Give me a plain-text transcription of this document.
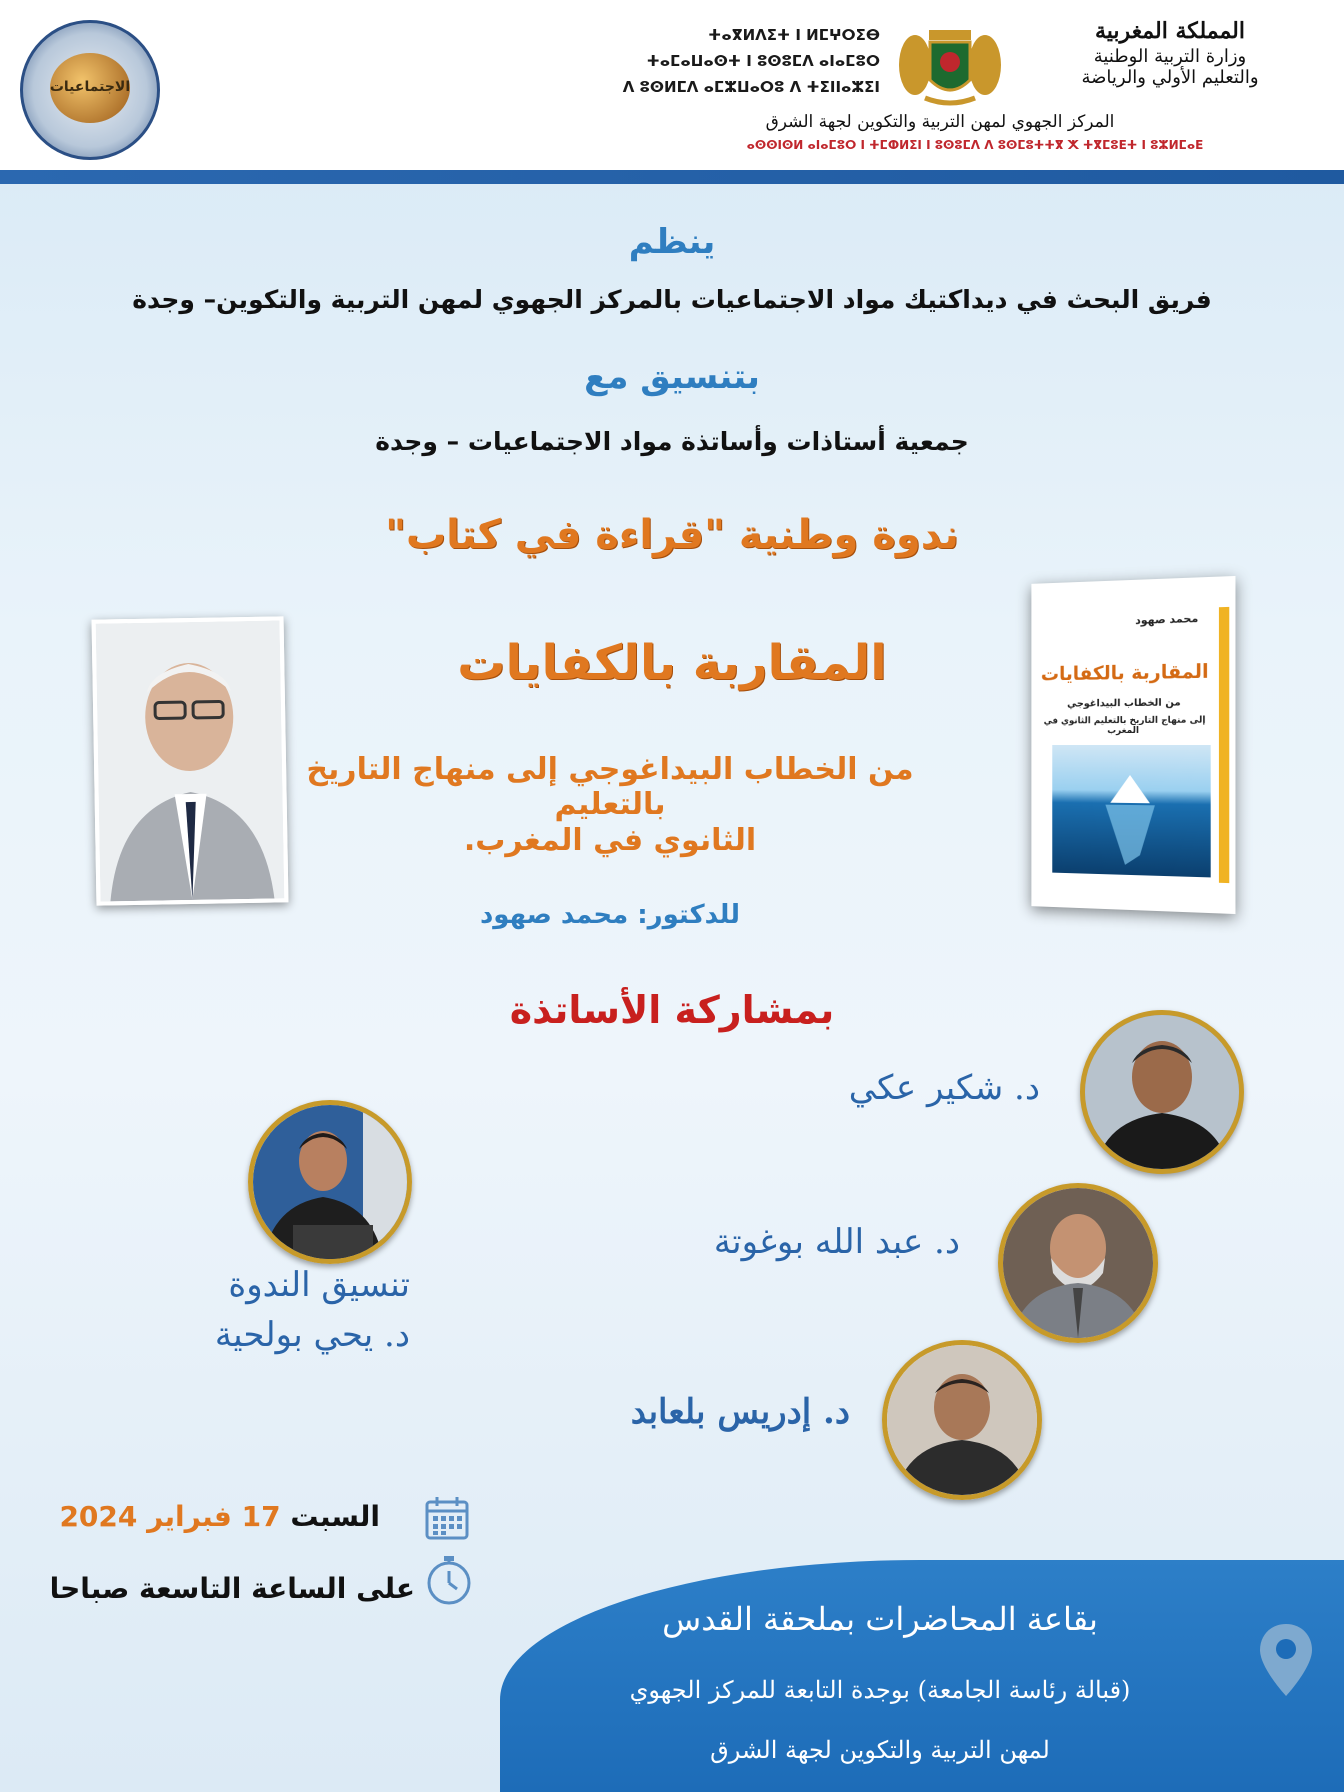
الاجتماعيات
ⵜⴰⴳⵍⴷⵉⵜ ⵏ ⵍⵎⵖⵔⵉⴱ
ⵜⴰⵎⴰⵡⴰⵙⵜ ⵏ ⵓⵙⵓⵎⴷ ⴰⵏⴰⵎⵓⵔ
ⴷ ⵓⵙⵍⵎⴷ ⴰⵎⵣⵡⴰⵔⵓ ⴷ ⵜⵉⵏⵏⴰⵣⵉⵏ
المملكة المغربية
وزارة التربية الوطنية
والتعليم الأولي والرياضة
المركز الجهوي لمهن التربية والتكوين لجهة الشرق
ⴰⵙⵙⵏⵙⵍ ⴰⵏⴰⵎⵓⵔ ⵏ ⵜⵎⵀⵍⵉⵏ ⵏ ⵓⵙⵓⵎⴷ ⴷ ⵓⵙⵎⵓⵜⵜⴳ ⵅ ⵜⴳⵎⵓⴹⵜ ⵏ ⵓⵣⵍⵎⴰⴹ
ينظم
فريق البحث في ديداكتيك مواد الاجتماعيات بالمركز الجهوي لمهن التربية والتكوين– وجدة
بتنسيق مع
جمعية أستاذات وأساتذة مواد الاجتماعيات – وجدة
ندوة وطنية "قراءة في كتاب"
المقاربة بالكفايات
من الخطاب البيداغوجي إلى منهاج التاريخ بالتعليم
الثانوي في المغرب.
للدكتور: محمد صهود
محمد صهود
المقاربة بالكفايات
من الخطاب البيداغوجي
إلى منهاج التاريخ بالتعليم الثانوي في المغرب
بمشاركة الأساتذة
د. شكير عكي
د. عبد الله بوغوتة
د. إدريس بلعابد
تنسيق الندوة
د. يحي بولحية
السبت 17 فبراير 2024
على الساعة التاسعة صباحا
بقاعة المحاضرات بملحقة القدس
(قبالة رئاسة الجامعة) بوجدة التابعة للمركز الجهوي
لمهن التربية والتكوين لجهة الشرق
